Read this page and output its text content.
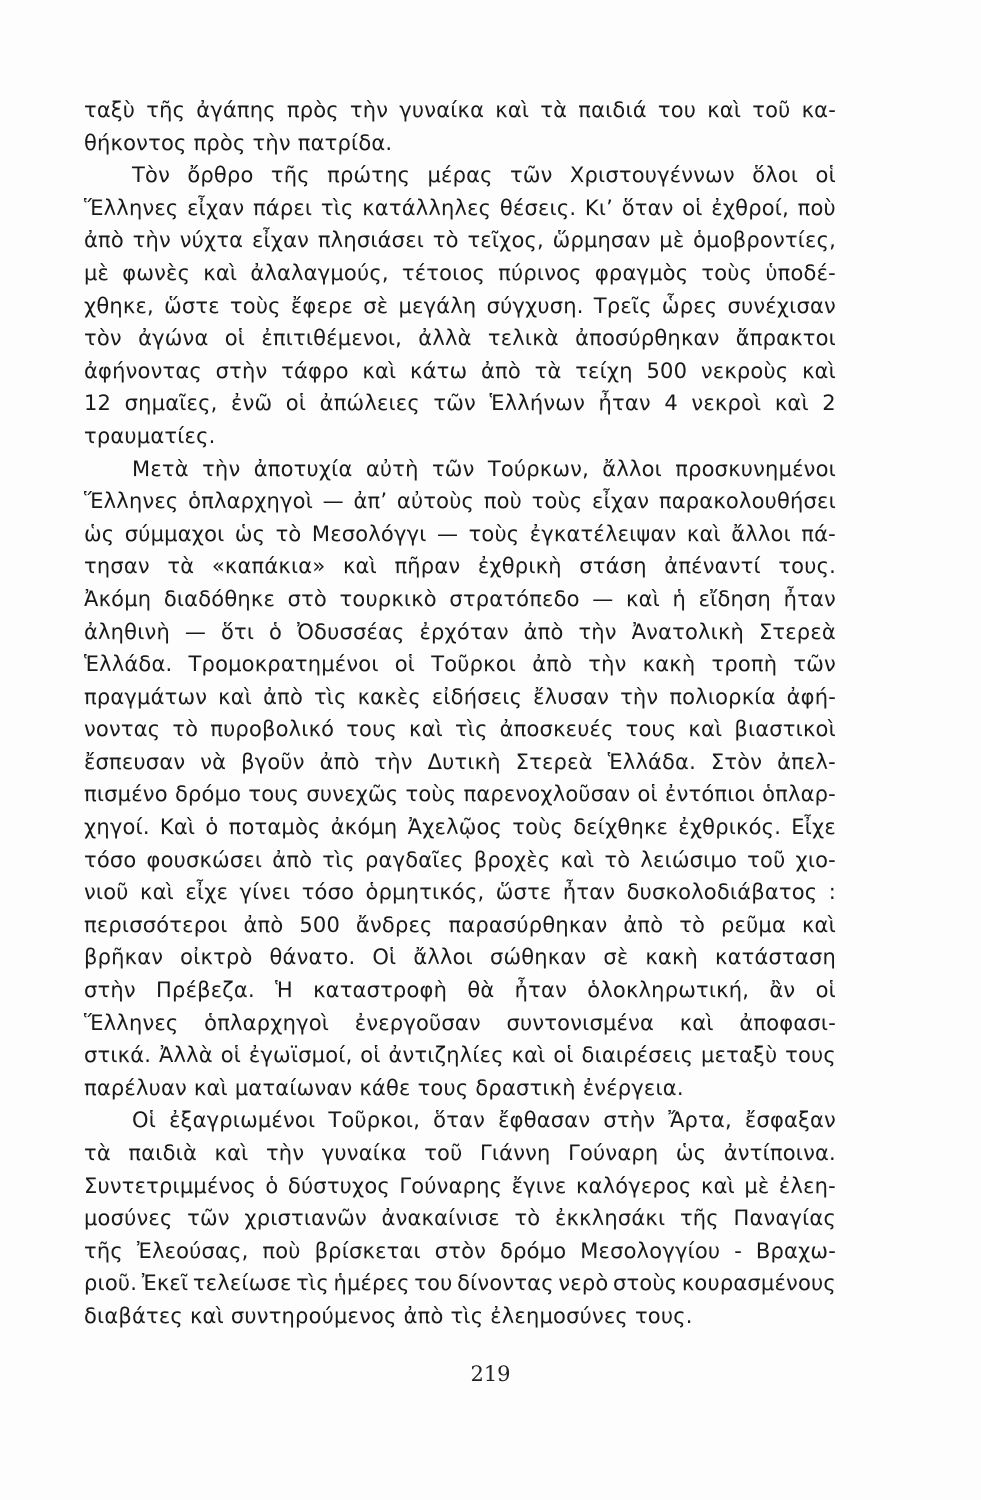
ταξὺ τῆς ἀγάπης πρὸς τὴν γυναίκα καὶ τὰ παιδιά του καὶ τοῦ κα-
θήκοντος πρὸς τὴν πατρίδα.
Τὸν ὄρθρο τῆς πρώτης μέρας τῶν Χριστουγέννων ὅλοι οἱ
Ἕλληνες εἶχαν πάρει τὶς κατάλληλες θέσεις. Κι’ ὅταν οἱ ἐχθροί, ποὺ
ἀπὸ τὴν νύχτα εἶχαν πλησιάσει τὸ τεῖχος, ὥρμησαν μὲ ὁμοβροντίες,
μὲ φωνὲς καὶ ἀλαλαγμούς, τέτοιος πύρινος φραγμὸς τοὺς ὑποδέ-
χθηκε, ὥστε τοὺς ἔφερε σὲ μεγάλη σύγχυση. Τρεῖς ὧρες συνέχισαν
τὸν ἀγώνα οἱ ἐπιτιθέμενοι, ἀλλὰ τελικὰ ἀποσύρθηκαν ἄπρακτοι
ἀφήνοντας στὴν τάφρο καὶ κάτω ἀπὸ τὰ τείχη 500 νεκροὺς καὶ
12 σημαῖες, ἐνῶ οἱ ἀπώλειες τῶν Ἑλλήνων ἦταν 4 νεκροὶ καὶ 2
τραυματίες.
Μετὰ τὴν ἀποτυχία αὐτὴ τῶν Τούρκων, ἄλλοι προσκυνημένοι
Ἕλληνες ὁπλαρχηγοὶ — ἀπ’ αὐτοὺς ποὺ τοὺς εἶχαν παρακολουθήσει
ὡς σύμμαχοι ὡς τὸ Μεσολόγγι — τοὺς ἐγκατέλειψαν καὶ ἄλλοι πά-
τησαν τὰ «καπάκια» καὶ πῆραν ἐχθρικὴ στάση ἀπέναντί τους.
Ἀκόμη διαδόθηκε στὸ τουρκικὸ στρατόπεδο — καὶ ἡ εἴδηση ἦταν
ἀληθινὴ — ὅτι ὁ Ὀδυσσέας ἐρχόταν ἀπὸ τὴν Ἀνατολικὴ Στερεὰ
Ἑλλάδα. Τρομοκρατημένοι οἱ Τοῦρκοι ἀπὸ τὴν κακὴ τροπὴ τῶν
πραγμάτων καὶ ἀπὸ τὶς κακὲς εἰδήσεις ἔλυσαν τὴν πολιορκία ἀφή-
νοντας τὸ πυροβολικό τους καὶ τὶς ἀποσκευές τους καὶ βιαστικοὶ
ἔσπευσαν νὰ βγοῦν ἀπὸ τὴν Δυτικὴ Στερεὰ Ἑλλάδα. Στὸν ἀπελ-
πισμένο δρόμο τους συνεχῶς τοὺς παρενοχλοῦσαν οἱ ἐντόπιοι ὁπλαρ-
χηγοί. Καὶ ὁ ποταμὸς ἀκόμη Ἀχελῷος τοὺς δείχθηκε ἐχθρικός. Εἶχε
τόσο φουσκώσει ἀπὸ τὶς ραγδαῖες βροχὲς καὶ τὸ λειώσιμο τοῦ χιο-
νιοῦ καὶ εἶχε γίνει τόσο ὁρμητικός, ὥστε ἦταν δυσκολοδιάβατος :
περισσότεροι ἀπὸ 500 ἄνδρες παρασύρθηκαν ἀπὸ τὸ ρεῦμα καὶ
βρῆκαν οἰκτρὸ θάνατο. Οἱ ἄλλοι σώθηκαν σὲ κακὴ κατάσταση
στὴν Πρέβεζα. Ἡ καταστροφὴ θὰ ἦταν ὁλοκληρωτική, ἂν οἱ
Ἕλληνες ὁπλαρχηγοὶ ἐνεργοῦσαν συντονισμένα καὶ ἀποφασι-
στικά. Ἀλλὰ οἱ ἐγωϊσμοί, οἱ ἀντιζηλίες καὶ οἱ διαιρέσεις μεταξὺ τους
παρέλυαν καὶ ματαίωναν κάθε τους δραστικὴ ἐνέργεια.
Οἱ ἐξαγριωμένοι Τοῦρκοι, ὅταν ἔφθασαν στὴν Ἄρτα, ἔσφαξαν
τὰ παιδιὰ καὶ τὴν γυναίκα τοῦ Γιάννη Γούναρη ὡς ἀντίποινα.
Συντετριμμένος ὁ δύστυχος Γούναρης ἔγινε καλόγερος καὶ μὲ ἐλεη-
μοσύνες τῶν χριστιανῶν ἀνακαίνισε τὸ ἐκκλησάκι τῆς Παναγίας
τῆς Ἐλεούσας, ποὺ βρίσκεται στὸν δρόμο Μεσολογγίου - Βραχω-
ριοῦ. Ἐκεῖ τελείωσε τὶς ἡμέρες του δίνοντας νερὸ στοὺς κουρασμένους
διαβάτες καὶ συντηρούμενος ἀπὸ τὶς ἐλεημοσύνες τους.
219
